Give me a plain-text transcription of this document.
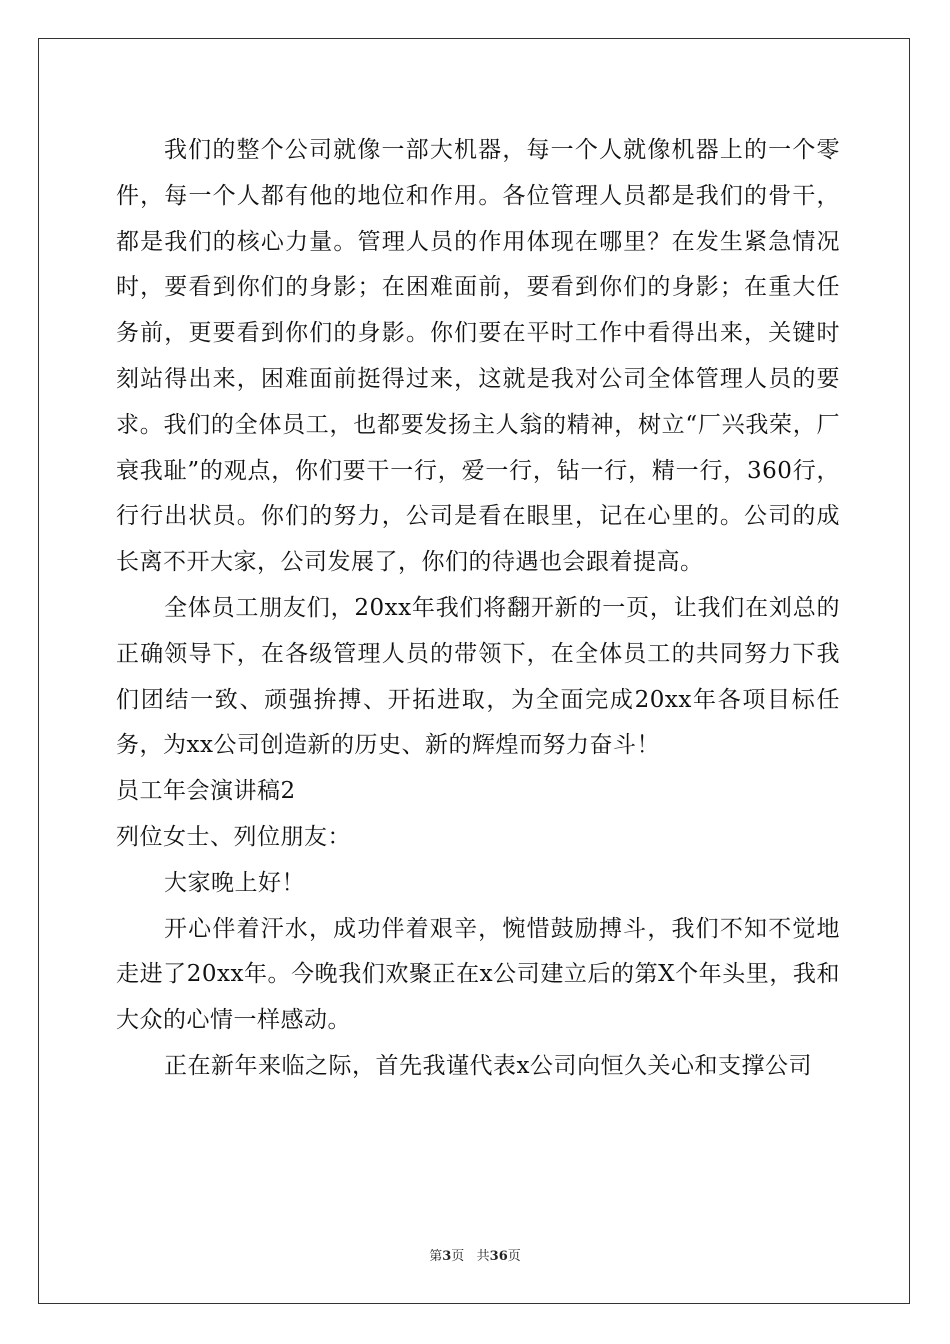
我们的整个公司就像一部大机器，每一个人就像机器上的一个零件，每一个人都有他的地位和作用。各位管理人员都是我们的骨干，都是我们的核心力量。管理人员的作用体现在哪里？在发生紧急情况时，要看到你们的身影；在困难面前，要看到你们的身影；在重大任务前，更要看到你们的身影。你们要在平时工作中看得出来，关键时刻站得出来，困难面前挺得过来，这就是我对公司全体管理人员的要求。我们的全体员工，也都要发扬主人翁的精神，树立“厂兴我荣，厂衰我耻”的观点，你们要干一行，爱一行，钻一行，精一行，360行，行行出状员。你们的努力，公司是看在眼里，记在心里的。公司的成长离不开大家，公司发展了，你们的待遇也会跟着提高。

全体员工朋友们，20xx年我们将翻开新的一页，让我们在刘总的正确领导下，在各级管理人员的带领下，在全体员工的共同努力下我们团结一致、顽强拚搏、开拓进取，为全面完成20xx年各项目标任务，为xx公司创造新的历史、新的辉煌而努力奋斗！

员工年会演讲稿2

列位女士、列位朋友：

大家晚上好！

开心伴着汗水，成功伴着艰辛，惋惜鼓励搏斗，我们不知不觉地走进了20xx年。今晚我们欢聚正在x公司建立后的第X个年头里，我和大众的心情一样感动。

正在新年来临之际，首先我谨代表x公司向恒久关心和支撑公司

第3页   共36页
